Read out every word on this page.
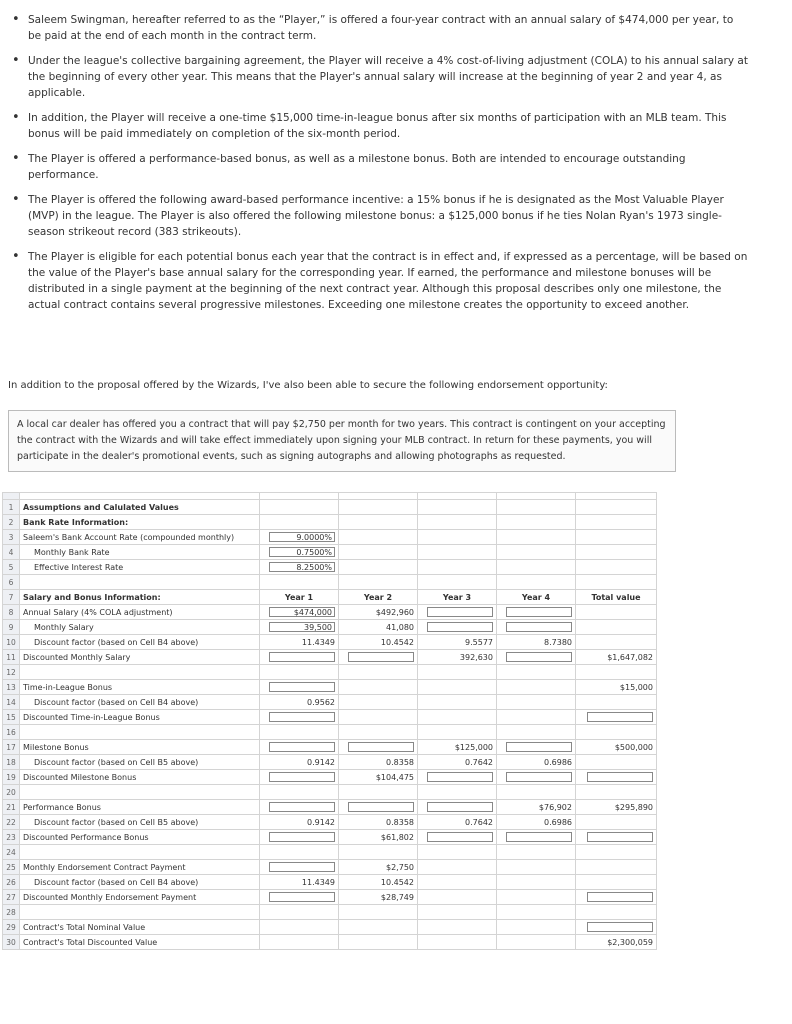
• Saleem Swingman, hereafter referred to as the “Player,” is offered a four-year contract with an annual salary of $474,000 per year, to be paid at the end of each month in the contract term.
• Under the league's collective bargaining agreement, the Player will receive a 4% cost-of-living adjustment (COLA) to his annual salary at the beginning of every other year. This means that the Player's annual salary will increase at the beginning of year 2 and year 4, as applicable.
• In addition, the Player will receive a one-time $15,000 time-in-league bonus after six months of participation with an MLB team. This bonus will be paid immediately on completion of the six-month period.
• The Player is offered a performance-based bonus, as well as a milestone bonus. Both are intended to encourage outstanding performance.
• The Player is offered the following award-based performance incentive: a 15% bonus if he is designated as the Most Valuable Player (MVP) in the league. The Player is also offered the following milestone bonus: a $125,000 bonus if he ties Nolan Ryan's 1973 single-season strikeout record (383 strikeouts).
• The Player is eligible for each potential bonus each year that the contract is in effect and, if expressed as a percentage, will be based on the value of the Player's base annual salary for the corresponding year. If earned, the performance and milestone bonuses will be distributed in a single payment at the beginning of the next contract year. Although this proposal describes only one milestone, the actual contract contains several progressive milestones. Exceeding one milestone creates the opportunity to exceed another.
In addition to the proposal offered by the Wizards, I've also been able to secure the following endorsement opportunity:
A local car dealer has offered you a contract that will pay $2,750 per month for two years. This contract is contingent on your accepting the contract with the Wizards and will take effect immediately upon signing your MLB contract. In return for these payments, you will participate in the dealer's promotional events, such as signing autographs and allowing photographs as requested.

1	Assumptions and Calulated Values					
2	Bank Rate Information:					
3	Saleem's Bank Account Rate (compounded monthly)	9.0000%				
4	Monthly Bank Rate	0.7500%				
5	Effective Interest Rate	8.2500%				
6						
7	Salary and Bonus Information:	Year 1	Year 2	Year 3	Year 4	Total value
8	Annual Salary (4% COLA adjustment)	$474,000	$492,960			
9	Monthly Salary	39,500	41,080			
10	Discount factor (based on Cell B4 above)	11.4349	10.4542	9.5577	8.7380	
11	Discounted Monthly Salary			392,630		$1,647,082
12						
13	Time-in-League Bonus					$15,000
14	Discount factor (based on Cell B4 above)	0.9562				
15	Discounted Time-in-League Bonus					
16						
17	Milestone Bonus			$125,000		$500,000
18	Discount factor (based on Cell B5 above)	0.9142	0.8358	0.7642	0.6986	
19	Discounted Milestone Bonus		$104,475			
20						
21	Performance Bonus				$76,902	$295,890
22	Discount factor (based on Cell B5 above)	0.9142	0.8358	0.7642	0.6986	
23	Discounted Performance Bonus		$61,802			
24						
25	Monthly Endorsement Contract Payment		$2,750			
26	Discount factor (based on Cell B4 above)	11.4349	10.4542			
27	Discounted Monthly Endorsement Payment		$28,749			
28						
29	Contract's Total Nominal Value					
30	Contract's Total Discounted Value					$2,300,059
